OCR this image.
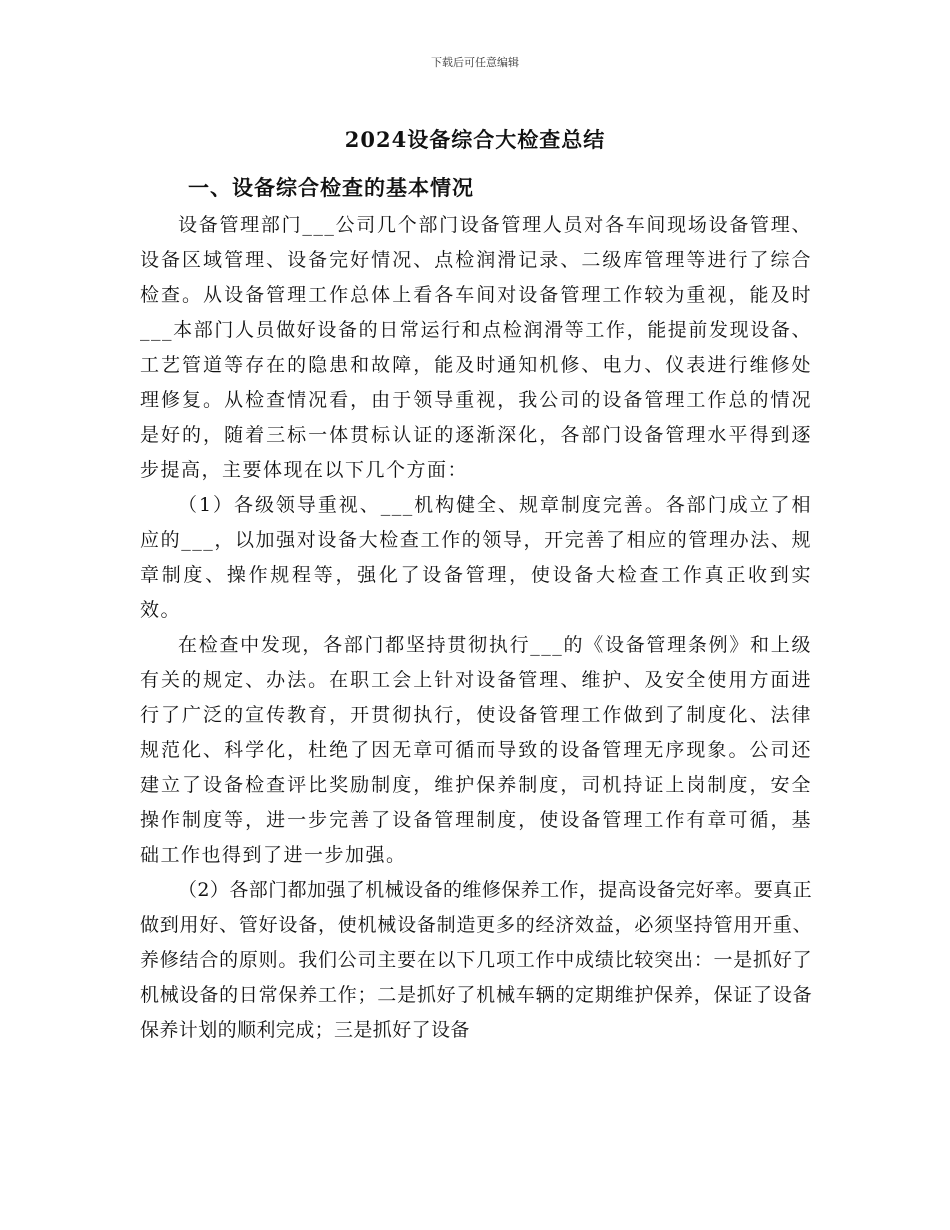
下载后可任意编辑
2024设备综合大检查总结
一、设备综合检查的基本情况

设备管理部门___公司几个部门设备管理人员对各车间现场设备管理、设备区域管理、设备完好情况、点检润滑记录、二级库管理等进行了综合检查。从设备管理工作总体上看各车间对设备管理工作较为重视，能及时___本部门人员做好设备的日常运行和点检润滑等工作，能提前发现设备、工艺管道等存在的隐患和故障，能及时通知机修、电力、仪表进行维修处理修复。从检查情况看，由于领导重视，我公司的设备管理工作总的情况是好的，随着三标一体贯标认证的逐渐深化，各部门设备管理水平得到逐步提高，主要体现在以下几个方面：

（1）各级领导重视、___机构健全、规章制度完善。各部门成立了相应的___，以加强对设备大检查工作的领导，开完善了相应的管理办法、规章制度、操作规程等，强化了设备管理，使设备大检查工作真正收到实效。

在检查中发现，各部门都坚持贯彻执行___的《设备管理条例》和上级有关的规定、办法。在职工会上针对设备管理、维护、及安全使用方面进行了广泛的宣传教育，开贯彻执行，使设备管理工作做到了制度化、法律规范化、科学化，杜绝了因无章可循而导致的设备管理无序现象。公司还建立了设备检查评比奖励制度，维护保养制度，司机持证上岗制度，安全操作制度等，进一步完善了设备管理制度，使设备管理工作有章可循，基础工作也得到了进一步加强。

（2）各部门都加强了机械设备的维修保养工作，提高设备完好率。要真正做到用好、管好设备，使机械设备制造更多的经济效益，必须坚持管用开重、养修结合的原则。我们公司主要在以下几项工作中成绩比较突出：一是抓好了机械设备的日常保养工作；二是抓好了机械车辆的定期维护保养，保证了设备保养计划的顺利完成；三是抓好了设备
